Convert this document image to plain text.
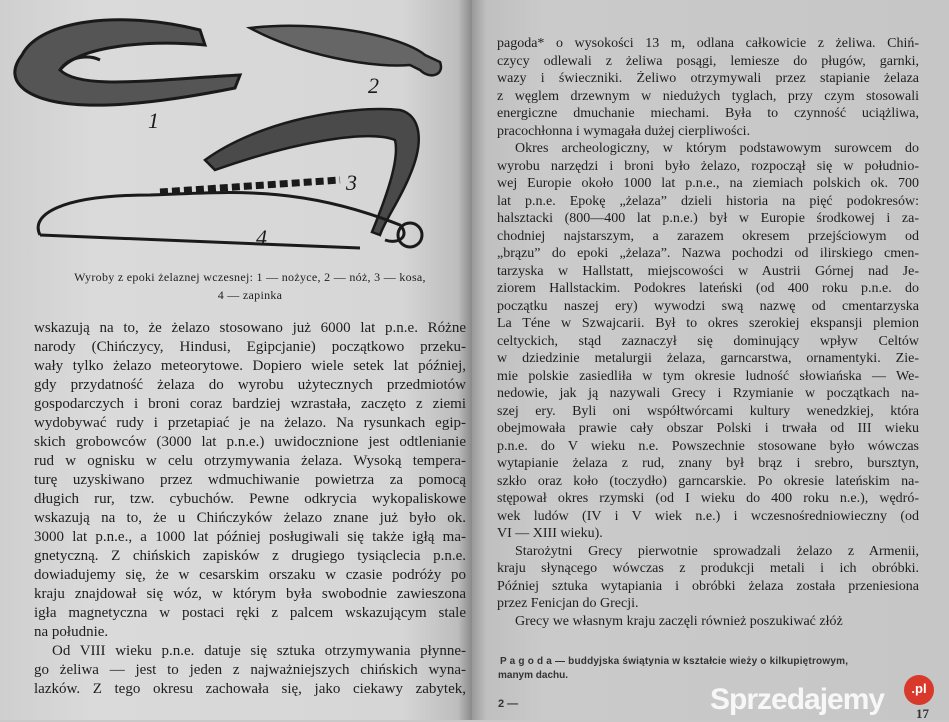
1
2
3
4
Wyroby z epoki żelaznej wczesnej: 1 — nożyce, 2 — nóż, 3 — kosa,
4 — zapinka
wskazują na to, że żelazo stosowano już 6000 lat p.n.e. Różne
narody (Chińczycy, Hindusi, Egipcjanie) początkowo przeku-
wały tylko żelazo meteorytowe. Dopiero wiele setek lat później,
gdy przydatność żelaza do wyrobu użytecznych przedmiotów
gospodarczych i broni coraz bardziej wzrastała, zaczęto z ziemi
wydobywać rudy i przetapiać je na żelazo. Na rysunkach egip-
skich grobowców (3000 lat p.n.e.) uwidocznione jest odtlenianie
rud w ognisku w celu otrzymywania żelaza. Wysoką tempera-
turę uzyskiwano przez wdmuchiwanie powietrza za pomocą
długich rur, tzw. cybuchów. Pewne odkrycia wykopaliskowe
wskazują na to, że u Chińczyków żelazo znane już było ok.
3000 lat p.n.e., a 1000 lat później posługiwali się także igłą ma-
gnetyczną. Z chińskich zapisków z drugiego tysiąclecia p.n.e.
dowiadujemy się, że w cesarskim orszaku w czasie podróży po
kraju znajdował się wóz, w którym była swobodnie zawieszona
igła magnetyczna w postaci ręki z palcem wskazującym stale
na południe.
Od VIII wieku p.n.e. datuje się sztuka otrzymywania płynne-
go żeliwa — jest to jeden z najważniejszych chińskich wyna-
lazków. Z tego okresu zachowała się, jako ciekawy zabytek,
pagoda* o wysokości 13 m, odlana całkowicie z żeliwa. Chiń-
czycy odlewali z żeliwa posągi, lemiesze do pługów, garnki,
wazy i świeczniki. Żeliwo otrzymywali przez stapianie żelaza
z węglem drzewnym w niedużych tyglach, przy czym stosowali
energiczne dmuchanie miechami. Była to czynność uciążliwa,
pracochłonna i wymagała dużej cierpliwości.
Okres archeologiczny, w którym podstawowym surowcem do
wyrobu narzędzi i broni było żelazo, rozpoczął się w południo-
wej Europie około 1000 lat p.n.e., na ziemiach polskich ok. 700
lat p.n.e. Epokę „żelaza” dzieli historia na pięć podokresów:
halsztacki (800—400 lat p.n.e.) był w Europie środkowej i za-
chodniej najstarszym, a zarazem okresem przejściowym od
„brązu” do epoki „żelaza”. Nazwa pochodzi od ilirskiego cmen-
tarzyska w Hallstatt, miejscowości w Austrii Górnej nad Je-
ziorem Hallstackim. Podokres lateński (od 400 roku p.n.e. do
początku naszej ery) wywodzi swą nazwę od cmentarzyska
La Téne w Szwajcarii. Był to okres szerokiej ekspansji plemion
celtyckich, stąd zaznaczył się dominujący wpływ Celtów
w dziedzinie metalurgii żelaza, garncarstwa, ornamentyki. Zie-
mie polskie zasiedliła w tym okresie ludność słowiańska — We-
nedowie, jak ją nazywali Grecy i Rzymianie w początkach na-
szej ery. Byli oni współtwórcami kultury wenedzkiej, która
obejmowała prawie cały obszar Polski i trwała od III wieku
p.n.e. do V wieku n.e. Powszechnie stosowane było wówczas
wytapianie żelaza z rud, znany był brąz i srebro, bursztyn,
szkło oraz koło (toczydło) garncarskie. Po okresie lateńskim na-
stępował okres rzymski (od I wieku do 400 roku n.e.), wędró-
wek ludów (IV i V wiek n.e.) i wczesnośredniowieczny (od
VI — XIII wieku).
Starożytni Grecy pierwotnie sprowadzali żelazo z Armenii,
kraju słynącego wówczas z produkcji metali i ich obróbki.
Później sztuka wytapiania i obróbki żelaza została przeniesiona
przez Fenicjan do Grecji.
Grecy we własnym kraju zaczęli również poszukiwać złóż
P a g o d a — buddyjska świątynia w kształcie wieży o kilkupiętrowym,
manym dachu.
2 —
17
Sprzedajemy	.pl
